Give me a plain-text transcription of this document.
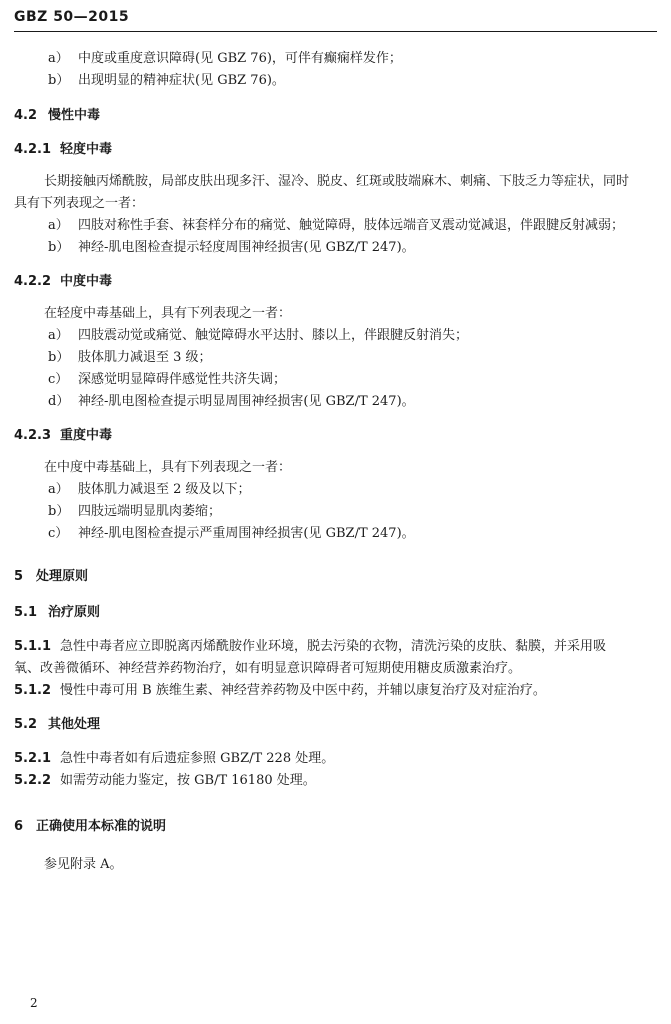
GBZ 50—2015
a） 中度或重度意识障碍(见 GBZ 76)，可伴有癫痫样发作；
b） 出现明显的精神症状(见 GBZ 76)。
4.2 慢性中毒
4.2.1 轻度中毒
长期接触丙烯酰胺，局部皮肤出现多汗、湿冷、脱皮、红斑或肢端麻木、刺痛、下肢乏力等症状，同时
具有下列表现之一者：
a） 四肢对称性手套、袜套样分布的痛觉、触觉障碍，肢体远端音叉震动觉减退，伴跟腱反射减弱；
b） 神经-肌电图检查提示轻度周围神经损害(见 GBZ/T 247)。
4.2.2 中度中毒
在轻度中毒基础上，具有下列表现之一者：
a） 四肢震动觉或痛觉、触觉障碍水平达肘、膝以上，伴跟腱反射消失；
b） 肢体肌力减退至 3 级；
c） 深感觉明显障碍伴感觉性共济失调；
d） 神经-肌电图检查提示明显周围神经损害(见 GBZ/T 247)。
4.2.3 重度中毒
在中度中毒基础上，具有下列表现之一者：
a） 肢体肌力减退至 2 级及以下；
b） 四肢远端明显肌肉萎缩；
c） 神经-肌电图检查提示严重周围神经损害(见 GBZ/T 247)。
5 处理原则
5.1 治疗原则
5.1.1 急性中毒者应立即脱离丙烯酰胺作业环境，脱去污染的衣物，清洗污染的皮肤、黏膜，并采用吸
氧、改善微循环、神经营养药物治疗，如有明显意识障碍者可短期使用糖皮质激素治疗。
5.1.2 慢性中毒可用 B 族维生素、神经营养药物及中医中药，并辅以康复治疗及对症治疗。
5.2 其他处理
5.2.1 急性中毒者如有后遗症参照 GBZ/T 228 处理。
5.2.2 如需劳动能力鉴定，按 GB/T 16180 处理。
6 正确使用本标准的说明
参见附录 A。
2
